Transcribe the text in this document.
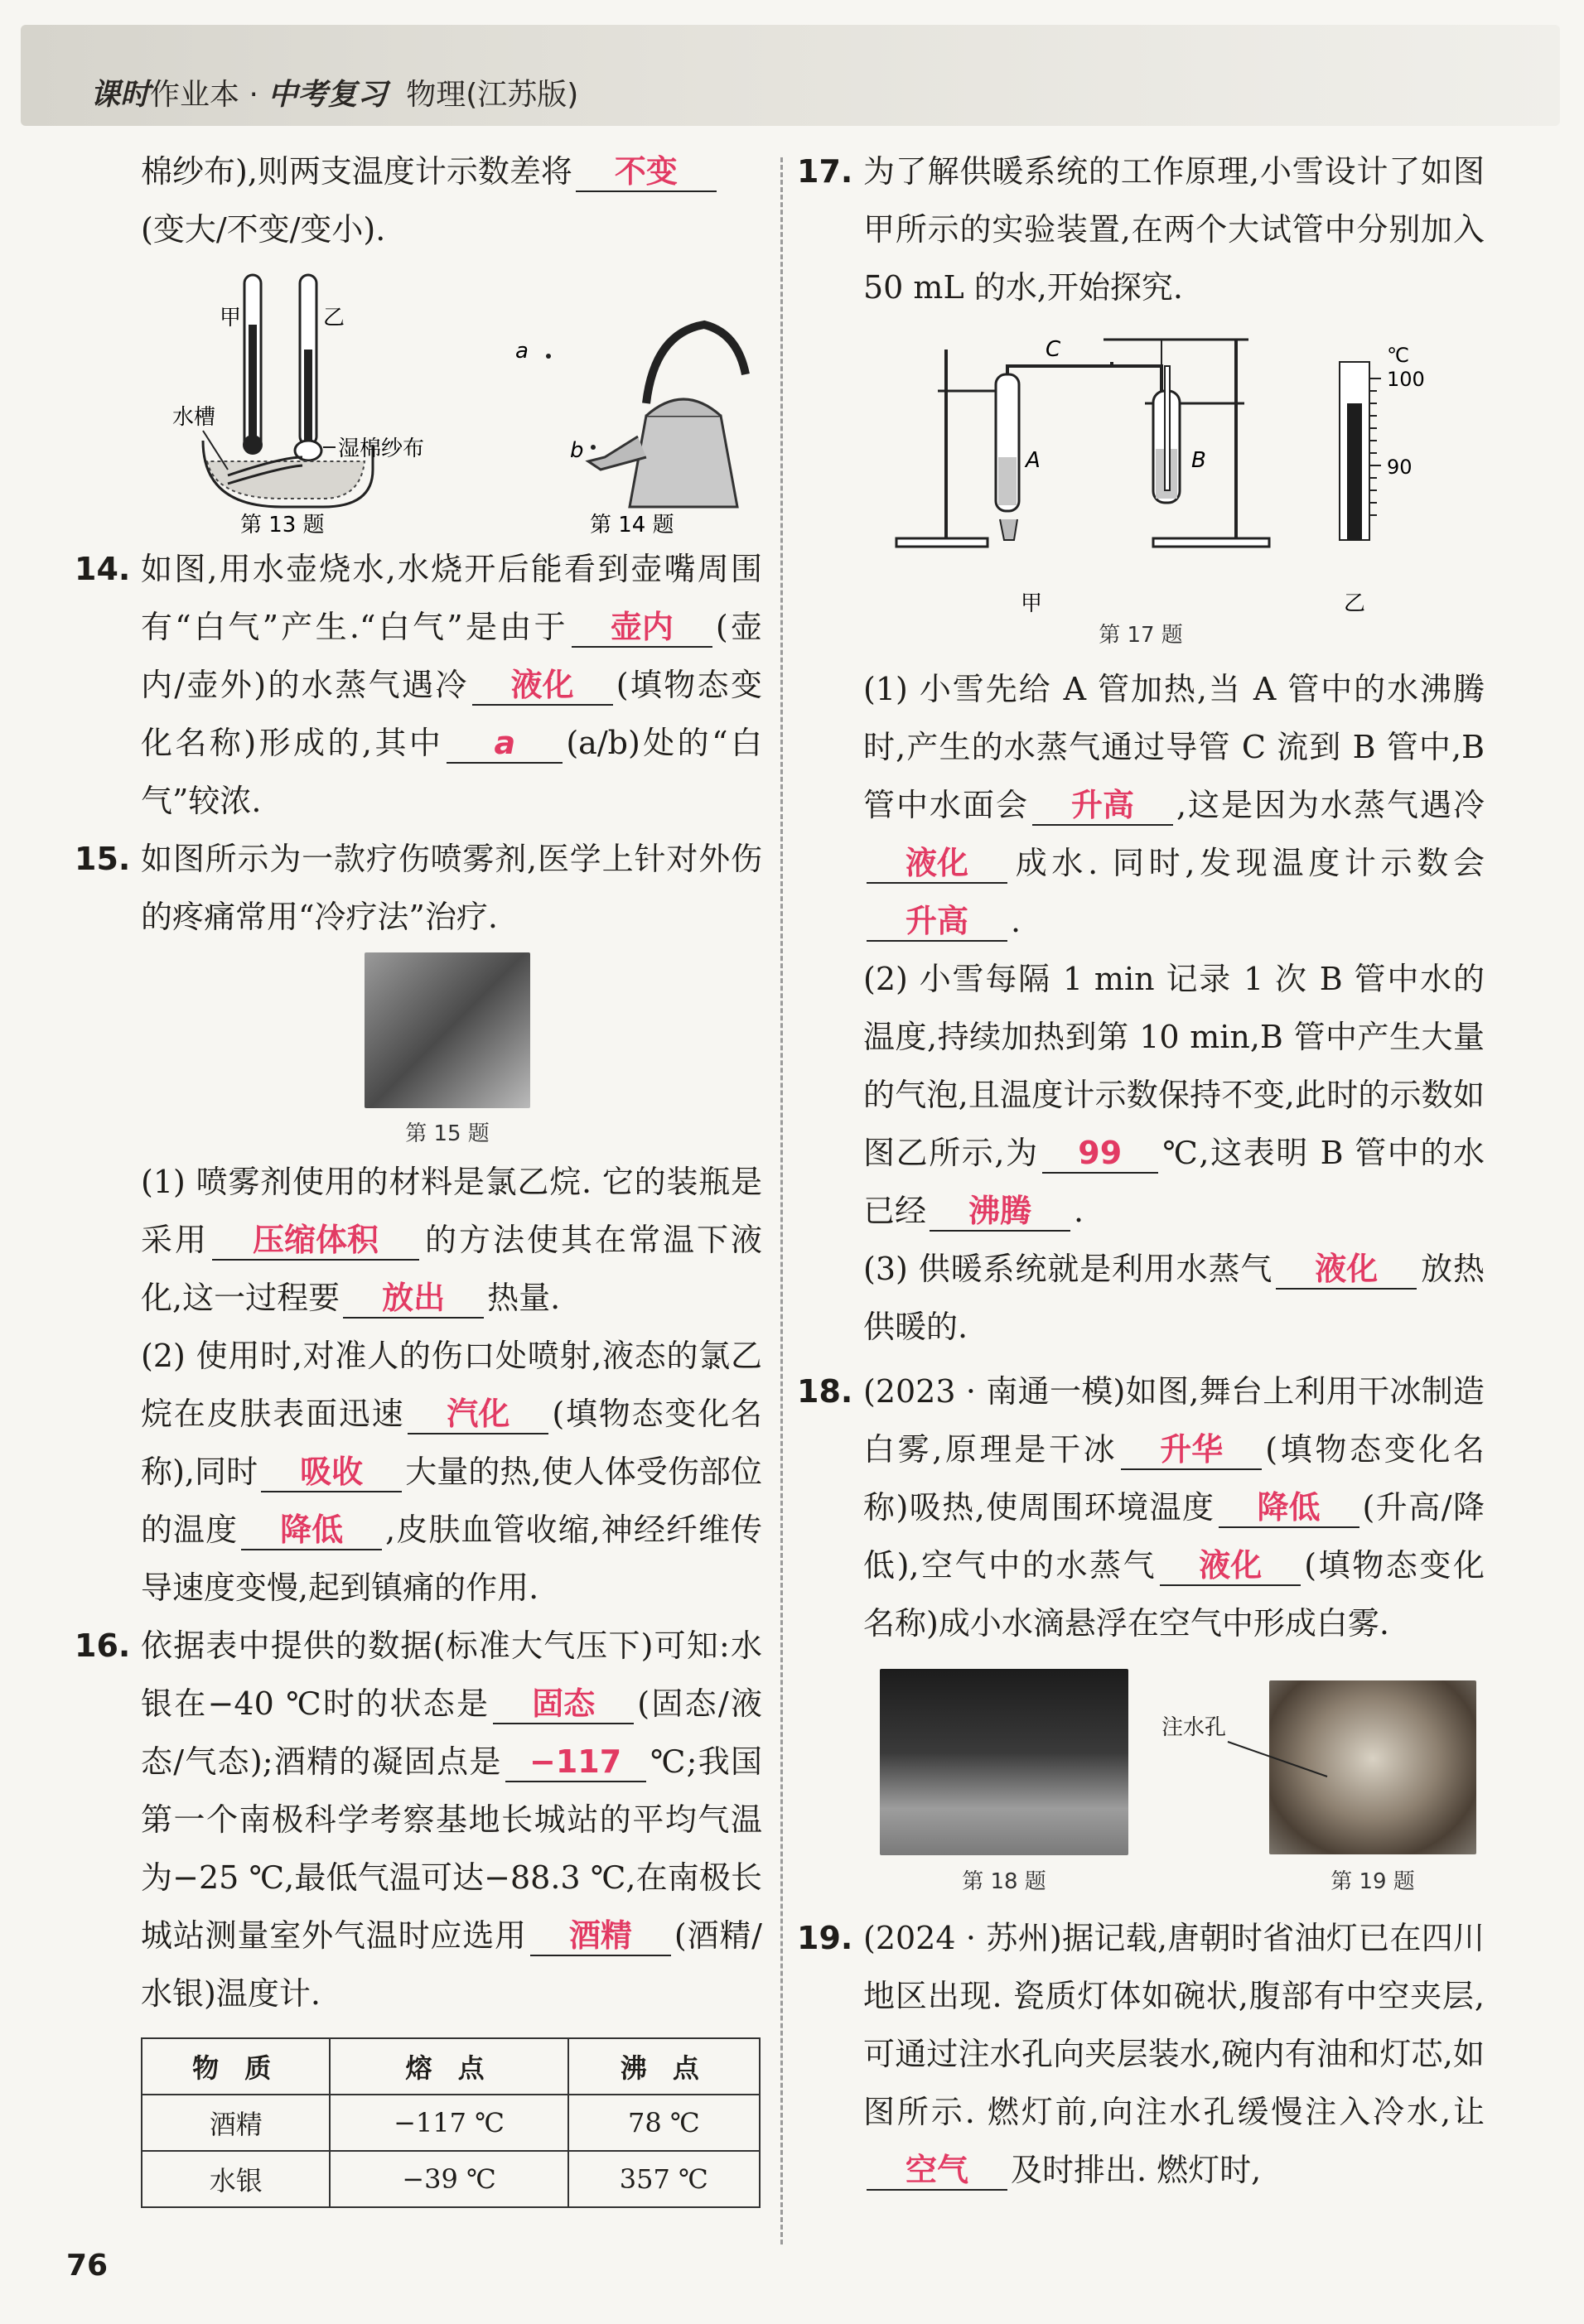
课时作业本 · 中考复习 物理(江苏版)

棉纱布),则两支温度计示数差将 不变
(变大/不变/变小).

甲	乙
水槽
湿棉纱布
第 13 题
a
b
第 14 题

14. 如图,用水壶烧水,水烧开后能看到壶嘴周围有“白气”产生.“白气”是由于 壶内 (壶内/壶外)的水蒸气遇冷 液化 (填物态变化名称)形成的,其中 a (a/b)处的“白气”较浓.

15. 如图所示为一款疗伤喷雾剂,医学上针对外伤的疼痛常用“冷疗法”治疗.

第 15 题

(1) 喷雾剂使用的材料是氯乙烷. 它的装瓶是采用 压缩体积 的方法使其在常温下液化,这一过程要 放出 热量.

(2) 使用时,对准人的伤口处喷射,液态的氯乙烷在皮肤表面迅速 汽化 (填物态变化名称),同时 吸收 大量的热,使人体受伤部位的温度 降低 ,皮肤血管收缩,神经纤维传导速度变慢,起到镇痛的作用.

16. 依据表中提供的数据(标准大气压下)可知:水银在−40 ℃时的状态是 固态 (固态/液态/气态);酒精的凝固点是 −117 ℃;我国第一个南极科学考察基地长城站的平均气温为−25 ℃,最低气温可达−88.3 ℃,在南极长城站测量室外气温时应选用 酒精 (酒精/水银)温度计.

物 质	熔 点	沸 点
酒精	−117 ℃	78 ℃
水银	−39 ℃	357 ℃

17. 为了解供暖系统的工作原理,小雪设计了如图甲所示的实验装置,在两个大试管中分别加入 50 mL 的水,开始探究.

A
C
B
甲
℃
100
90
乙
第 17 题

(1) 小雪先给 A 管加热,当 A 管中的水沸腾时,产生的水蒸气通过导管 C 流到 B 管中,B 管中水面会 升高 ,这是因为水蒸气遇冷液化 成水. 同时,发现温度计示数会升高 .

(2) 小雪每隔 1 min 记录 1 次 B 管中水的温度,持续加热到第 10 min,B 管中产生大量的气泡,且温度计示数保持不变,此时的示数如图乙所示,为 99 ℃,这表明 B 管中的水已经 沸腾 .

(3) 供暖系统就是利用水蒸气 液化 放热供暖的.

18. (2023 · 南通一模)如图,舞台上利用干冰制造白雾,原理是干冰 升华 (填物态变化名称)吸热,使周围环境温度 降低 (升高/降低),空气中的水蒸气 液化 (填物态变化名称)成小水滴悬浮在空气中形成白雾.

第 18 题
注水孔
第 19 题

19. (2024 · 苏州)据记载,唐朝时省油灯已在四川地区出现. 瓷质灯体如碗状,腹部有中空夹层,可通过注水孔向夹层装水,碗内有油和灯芯,如图所示. 燃灯前,向注水孔缓慢注入冷水,让空气 及时排出. 燃灯时,

76
